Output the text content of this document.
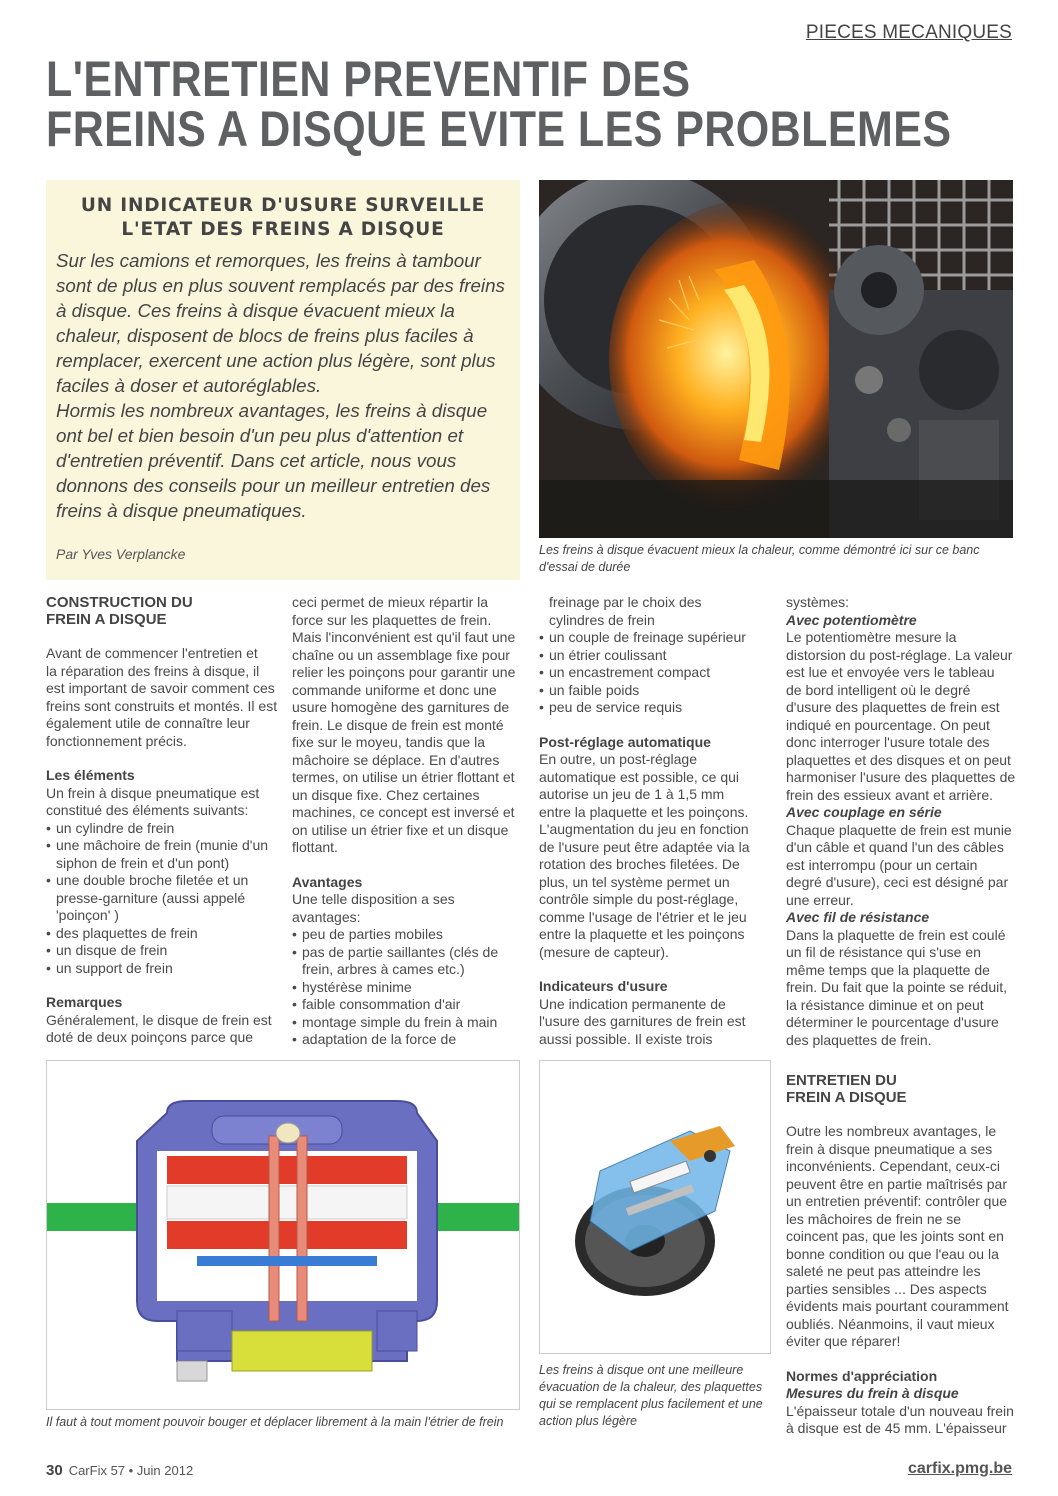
PIECES MECANIQUES
L'ENTRETIEN PREVENTIF DES
FREINS A DISQUE EVITE LES PROBLEMES
UN INDICATEUR D'USURE SURVEILLE
L'ETAT DES FREINS A DISQUE
Sur les camions et remorques, les freins à tambour
sont de plus en plus souvent remplacés par des freins
à disque. Ces freins à disque évacuent mieux la
chaleur, disposent de blocs de freins plus faciles à
remplacer, exercent une action plus légère, sont plus
faciles à doser et autoréglables.
Hormis les nombreux avantages, les freins à disque
ont bel et bien besoin d'un peu plus d'attention et
d'entretien préventif. Dans cet article, nous vous
donnons des conseils pour un meilleur entretien des
freins à disque pneumatiques.
Par Yves Verplancke	Les freins à disque évacuent mieux la chaleur, comme démontré ici sur ce banc d'essai de durée
CONSTRUCTION DU
FREIN A DISQUE
Avant de commencer l'entretien et
la réparation des freins à disque, il
est important de savoir comment ces
freins sont construits et montés. Il est
également utile de connaître leur
fonctionnement précis.
Les éléments
Un frein à disque pneumatique est
constitué des éléments suivants:
• un cylindre de frein
• une mâchoire de frein (munie d'un
siphon de frein et d'un pont)
• une double broche filetée et un
presse-garniture (aussi appelé
'poinçon' )
• des plaquettes de frein
• un disque de frein
• un support de frein
Remarques
Généralement, le disque de frein est
doté de deux poinçons parce que
ceci permet de mieux répartir la
force sur les plaquettes de frein.
Mais l'inconvénient est qu'il faut une
chaîne ou un assemblage fixe pour
relier les poinçons pour garantir une
commande uniforme et donc une
usure homogène des garnitures de
frein. Le disque de frein est monté
fixe sur le moyeu, tandis que la
mâchoire se déplace. En d'autres
termes, on utilise un étrier flottant et
un disque fixe. Chez certaines
machines, ce concept est inversé et
on utilise un étrier fixe et un disque
flottant.
Avantages
Une telle disposition a ses
avantages:
• peu de parties mobiles
• pas de partie saillantes (clés de
frein, arbres à cames etc.)
• hystérèse minime
• faible consommation d'air
• montage simple du frein à main
• adaptation de la force de
freinage par le choix des
cylindres de frein
• un couple de freinage supérieur
• un étrier coulissant
• un encastrement compact
• un faible poids
• peu de service requis
Post-réglage automatique
En outre, un post-réglage
automatique est possible, ce qui
autorise un jeu de 1 à 1,5 mm
entre la plaquette et les poinçons.
L'augmentation du jeu en fonction
de l'usure peut être adaptée via la
rotation des broches filetées. De
plus, un tel système permet un
contrôle simple du post-réglage,
comme l'usage de l'étrier et le jeu
entre la plaquette et les poinçons
(mesure de capteur).
Indicateurs d'usure
Une indication permanente de
l'usure des garnitures de frein est
aussi possible. Il existe trois
systèmes:
Avec potentiomètre
Le potentiomètre mesure la
distorsion du post-réglage. La valeur
est lue et envoyée vers le tableau
de bord intelligent où le degré
d'usure des plaquettes de frein est
indiqué en pourcentage. On peut
donc interroger l'usure totale des
plaquettes et des disques et on peut
harmoniser l'usure des plaquettes de
frein des essieux avant et arrière.
Avec couplage en série
Chaque plaquette de frein est munie
d'un câble et quand l'un des câbles
est interrompu (pour un certain
degré d'usure), ceci est désigné par
une erreur.
Avec fil de résistance
Dans la plaquette de frein est coulé
un fil de résistance qui s'use en
même temps que la plaquette de
frein. Du fait que la pointe se réduit,
la résistance diminue et on peut
déterminer le pourcentage d'usure
des plaquettes de frein.
ENTRETIEN DU
FREIN A DISQUE
Outre les nombreux avantages, le
frein à disque pneumatique a ses
inconvénients. Cependant, ceux-ci
peuvent être en partie maîtrisés par
un entretien préventif: contrôler que
les mâchoires de frein ne se
coincent pas, que les joints sont en
bonne condition ou que l'eau ou la
saleté ne peut pas atteindre les
parties sensibles ... Des aspects
évidents mais pourtant couramment
oubliés. Néanmoins, il vaut mieux
éviter que réparer!
Normes d'appréciation
Mesures du frein à disque
L'épaisseur totale d'un nouveau frein
à disque est de 45 mm. L'épaisseur
Il faut à tout moment pouvoir bouger et déplacer librement à la main l'étrier de frein
Les freins à disque ont une meilleure
évacuation de la chaleur, des plaquettes
qui se remplacent plus facilement et une
action plus légère
30 CarFix 57 • Juin 2012	carfix.pmg.be
